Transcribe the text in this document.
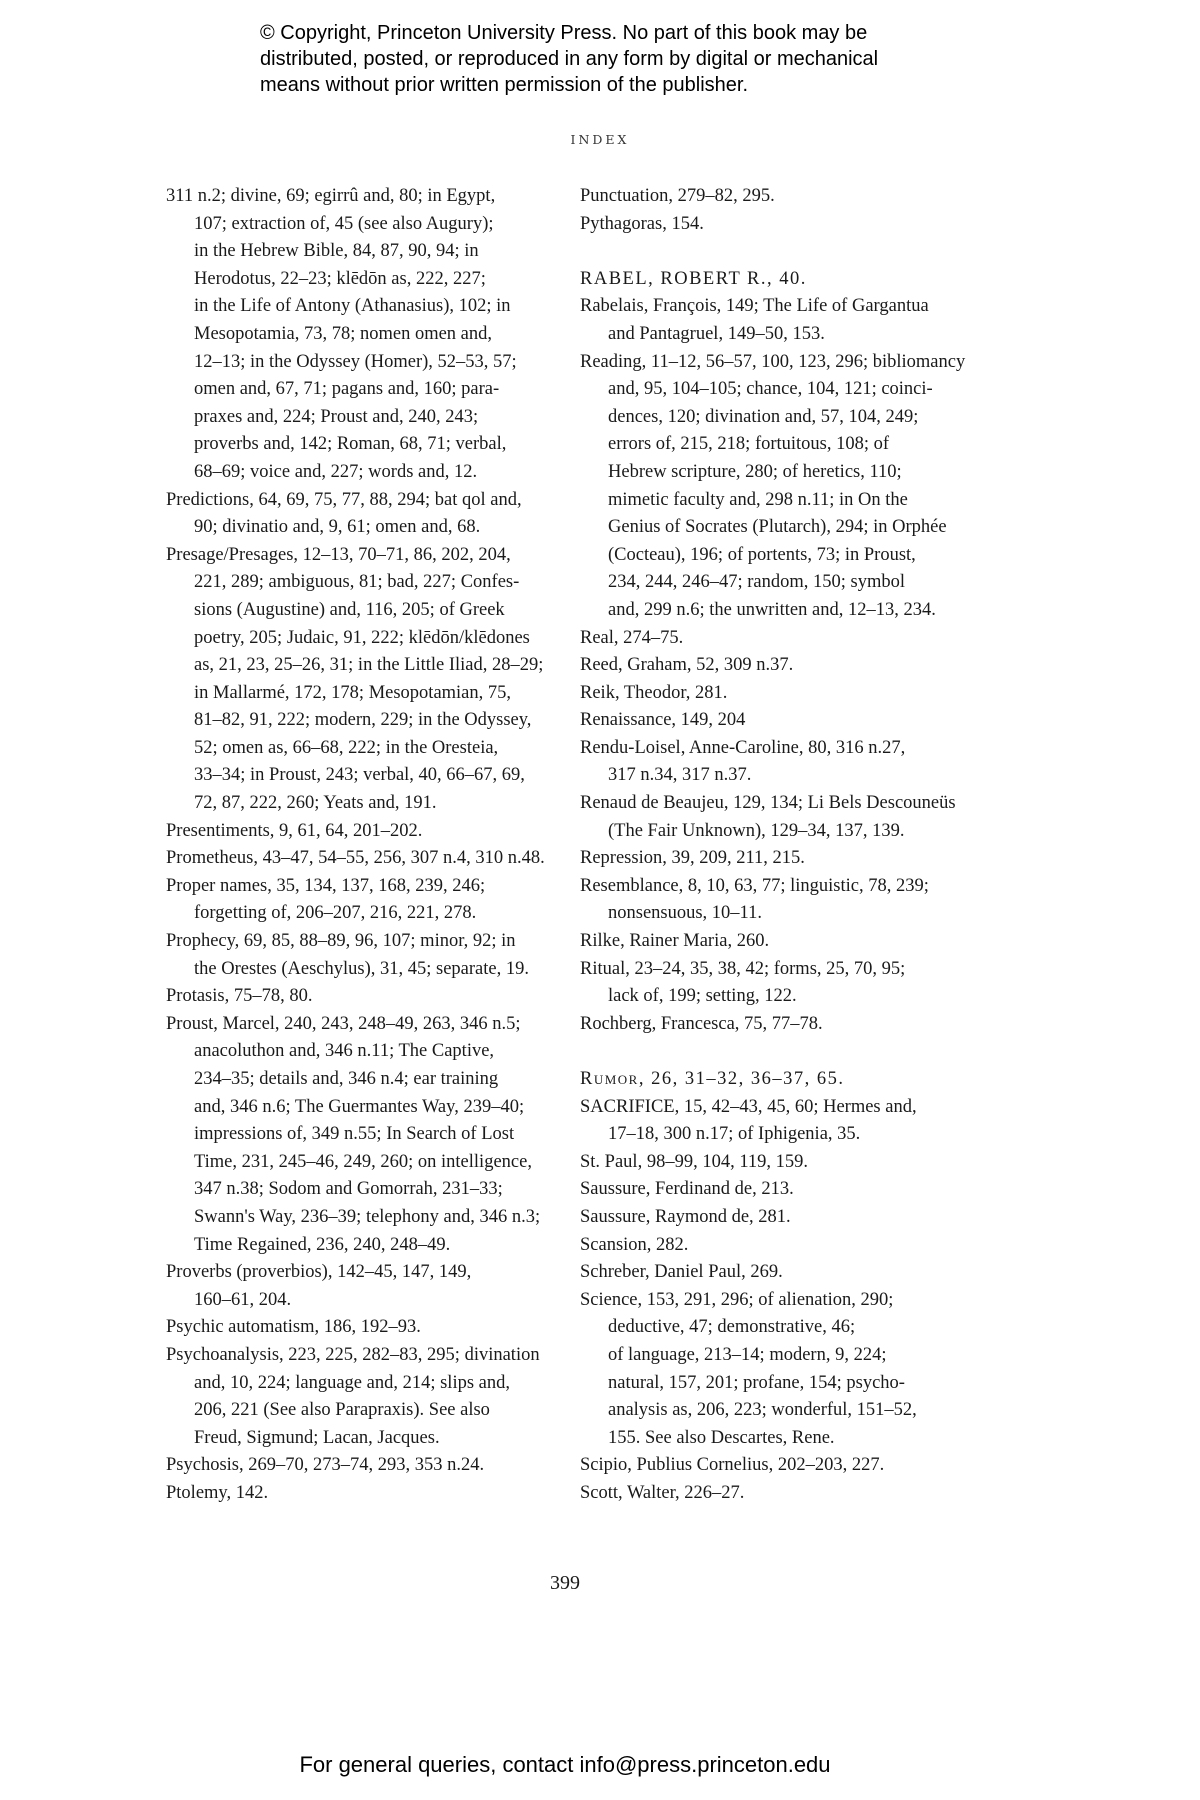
© Copyright, Princeton University Press. No part of this book may be
distributed, posted, or reproduced in any form by digital or mechanical
means without prior written permission of the publisher.
INDEX
311 n.2; divine, 69; egirrû and, 80; in Egypt,
107; extraction of, 45 (see also Augury);
in the Hebrew Bible, 84, 87, 90, 94; in
Herodotus, 22–23; klēdōn as, 222, 227;
in the Life of Antony (Athanasius), 102; in
Mesopotamia, 73, 78; nomen omen and,
12–13; in the Odyssey (Homer), 52–53, 57;
omen and, 67, 71; pagans and, 160; para-
praxes and, 224; Proust and, 240, 243;
proverbs and, 142; Roman, 68, 71; verbal,
68–69; voice and, 227; words and, 12.
Predictions, 64, 69, 75, 77, 88, 294; bat qol and,
90; divinatio and, 9, 61; omen and, 68.
Presage/Presages, 12–13, 70–71, 86, 202, 204,
221, 289; ambiguous, 81; bad, 227; Confes-
sions (Augustine) and, 116, 205; of Greek
poetry, 205; Judaic, 91, 222; klēdōn/klēdones
as, 21, 23, 25–26, 31; in the Little Iliad, 28–29;
in Mallarmé, 172, 178; Mesopotamian, 75,
81–82, 91, 222; modern, 229; in the Odyssey,
52; omen as, 66–68, 222; in the Oresteia,
33–34; in Proust, 243; verbal, 40, 66–67, 69,
72, 87, 222, 260; Yeats and, 191.
Presentiments, 9, 61, 64, 201–202.
Prometheus, 43–47, 54–55, 256, 307 n.4, 310 n.48.
Proper names, 35, 134, 137, 168, 239, 246;
forgetting of, 206–207, 216, 221, 278.
Prophecy, 69, 85, 88–89, 96, 107; minor, 92; in
the Orestes (Aeschylus), 31, 45; separate, 19.
Protasis, 75–78, 80.
Proust, Marcel, 240, 243, 248–49, 263, 346 n.5;
anacoluthon and, 346 n.11; The Captive,
234–35; details and, 346 n.4; ear training
and, 346 n.6; The Guermantes Way, 239–40;
impressions of, 349 n.55; In Search of Lost
Time, 231, 245–46, 249, 260; on intelligence,
347 n.38; Sodom and Gomorrah, 231–33;
Swann's Way, 236–39; telephony and, 346 n.3;
Time Regained, 236, 240, 248–49.
Proverbs (proverbios), 142–45, 147, 149,
160–61, 204.
Psychic automatism, 186, 192–93.
Psychoanalysis, 223, 225, 282–83, 295; divination
and, 10, 224; language and, 214; slips and,
206, 221 (See also Parapraxis). See also
Freud, Sigmund; Lacan, Jacques.
Psychosis, 269–70, 273–74, 293, 353 n.24.
Ptolemy, 142.
Punctuation, 279–82, 295.
Pythagoras, 154.
RABEL, ROBERT R., 40.
Rabelais, François, 149; The Life of Gargantua
and Pantagruel, 149–50, 153.
Reading, 11–12, 56–57, 100, 123, 296; bibliomancy
and, 95, 104–105; chance, 104, 121; coinci-
dences, 120; divination and, 57, 104, 249;
errors of, 215, 218; fortuitous, 108; of
Hebrew scripture, 280; of heretics, 110;
mimetic faculty and, 298 n.11; in On the
Genius of Socrates (Plutarch), 294; in Orphée
(Cocteau), 196; of portents, 73; in Proust,
234, 244, 246–47; random, 150; symbol
and, 299 n.6; the unwritten and, 12–13, 234.
Real, 274–75.
Reed, Graham, 52, 309 n.37.
Reik, Theodor, 281.
Renaissance, 149, 204
Rendu-Loisel, Anne-Caroline, 80, 316 n.27,
317 n.34, 317 n.37.
Renaud de Beaujeu, 129, 134; Li Bels Descouneüs
(The Fair Unknown), 129–34, 137, 139.
Repression, 39, 209, 211, 215.
Resemblance, 8, 10, 63, 77; linguistic, 78, 239;
nonsensuous, 10–11.
Rilke, Rainer Maria, 260.
Ritual, 23–24, 35, 38, 42; forms, 25, 70, 95;
lack of, 199; setting, 122.
Rochberg, Francesca, 75, 77–78.
Rumor, 26, 31–32, 36–37, 65.
SACRIFICE, 15, 42–43, 45, 60; Hermes and,
17–18, 300 n.17; of Iphigenia, 35.
St. Paul, 98–99, 104, 119, 159.
Saussure, Ferdinand de, 213.
Saussure, Raymond de, 281.
Scansion, 282.
Schreber, Daniel Paul, 269.
Science, 153, 291, 296; of alienation, 290;
deductive, 47; demonstrative, 46;
of language, 213–14; modern, 9, 224;
natural, 157, 201; profane, 154; psycho-
analysis as, 206, 223; wonderful, 151–52,
155. See also Descartes, Rene.
Scipio, Publius Cornelius, 202–203, 227.
Scott, Walter, 226–27.
399
For general queries, contact info@press.princeton.edu
